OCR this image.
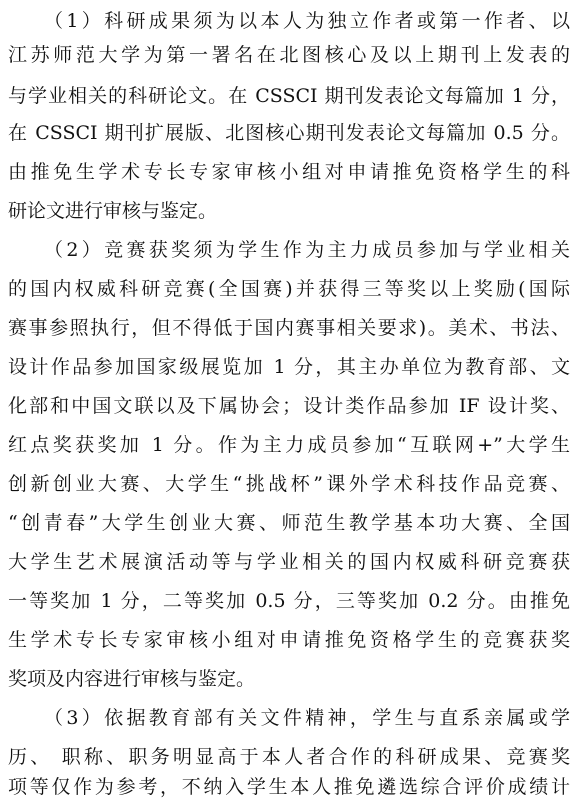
（1）科研成果须为以本人为独立作者或第一作者、以
江苏师范大学为第一署名在北图核心及以上期刊上发表的
与学业相关的科研论文。在 CSSCI 期刊发表论文每篇加 1 分，
在 CSSCI 期刊扩展版、北图核心期刊发表论文每篇加 0.5 分。
由推免生学术专长专家审核小组对申请推免资格学生的科
研论文进行审核与鉴定。
（2）竞赛获奖须为学生作为主力成员参加与学业相关
的国内权威科研竞赛(全国赛)并获得三等奖以上奖励(国际
赛事参照执行，但不得低于国内赛事相关要求)。美术、书法、
设计作品参加国家级展览加 1 分，其主办单位为教育部、文
化部和中国文联以及下属协会；设计类作品参加 IF 设计奖、
红点奖获奖加 1 分。作为主力成员参加“互联网+”大学生
创新创业大赛、大学生“挑战杯”课外学术科技作品竞赛、
“创青春”大学生创业大赛、师范生教学基本功大赛、全国
大学生艺术展演活动等与学业相关的国内权威科研竞赛获
一等奖加 1 分，二等奖加 0.5 分，三等奖加 0.2 分。由推免
生学术专长专家审核小组对申请推免资格学生的竞赛获奖
奖项及内容进行审核与鉴定。
（3）依据教育部有关文件精神，学生与直系亲属或学
历、 职称、职务明显高于本人者合作的科研成果、竞赛奖
项等仅作为参考，不纳入学生本人推免遴选综合评价成绩计
